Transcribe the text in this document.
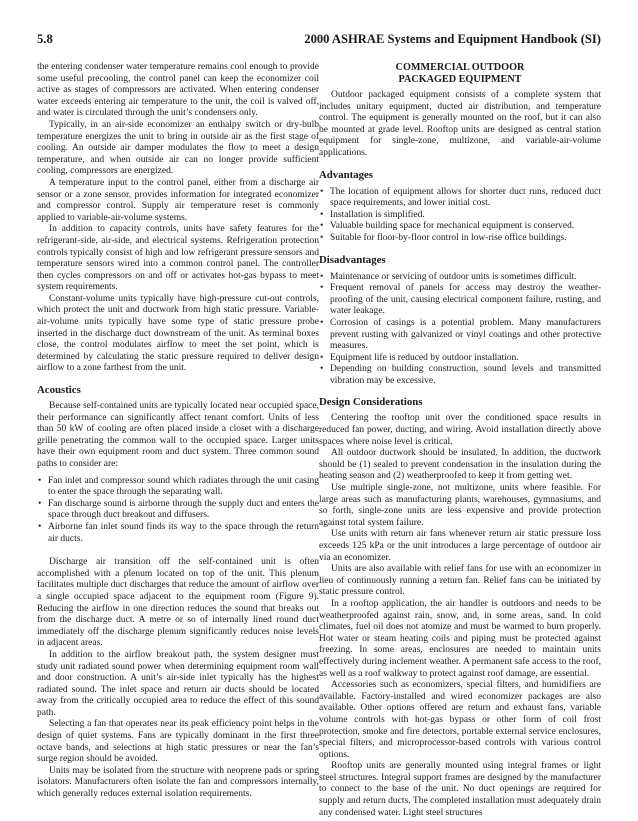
5.8	2000 ASHRAE Systems and Equipment Handbook (SI)

the entering condenser water temperature remains cool enough to provide some useful precooling, the control panel can keep the economizer coil active as stages of compressors are activated. When entering condenser water exceeds entering air temperature to the unit, the coil is valved off, and water is circulated through the unit’s condensers only.

Typically, in an air-side economizer an enthalpy switch or dry-bulb temperature energizes the unit to bring in outside air as the first stage of cooling. An outside air damper modulates the flow to meet a design temperature, and when outside air can no longer provide sufficient cooling, compressors are energized.

A temperature input to the control panel, either from a discharge air sensor or a zone sensor, provides information for integrated economizer and compressor control. Supply air temperature reset is commonly applied to variable-air-volume systems.

In addition to capacity controls, units have safety features for the refrigerant-side, air-side, and electrical systems. Refrigeration protection controls typically consist of high and low refrigerant pressure sensors and temperature sensors wired into a common control panel. The controller then cycles compressors on and off or activates hot-gas bypass to meet system requirements.

Constant-volume units typically have high-pressure cut-out controls, which protect the unit and ductwork from high static pressure. Variable-air-volume units typically have some type of static pressure probe inserted in the discharge duct downstream of the unit. As terminal boxes close, the control modulates airflow to meet the set point, which is determined by calculating the static pressure required to deliver design airflow to a zone farthest from the unit.

Acoustics

Because self-contained units are typically located near occupied space, their performance can significantly affect tenant comfort. Units of less than 50 kW of cooling are often placed inside a closet with a discharge grille penetrating the common wall to the occupied space. Larger units have their own equipment room and duct system. Three common sound paths to consider are:

• Fan inlet and compressor sound which radiates through the unit casing to enter the space through the separating wall.
• Fan discharge sound is airborne through the supply duct and enters the space through duct breakout and diffusers.
• Airborne fan inlet sound finds its way to the space through the return air ducts.

Discharge air transition off the self-contained unit is often accomplished with a plenum located on top of the unit. This plenum facilitates multiple duct discharges that reduce the amount of airflow over a single occupied space adjacent to the equipment room (Figure 9). Reducing the airflow in one direction reduces the sound that breaks out from the discharge duct. A metre or so of internally lined round duct immediately off the discharge plenum significantly reduces noise levels in adjacent areas.

In addition to the airflow breakout path, the system designer must study unit radiated sound power when determining equipment room wall and door construction. A unit’s air-side inlet typically has the highest radiated sound. The inlet space and return air ducts should be located away from the critically occupied area to reduce the effect of this sound path.

Selecting a fan that operates near its peak efficiency point helps in the design of quiet systems. Fans are typically dominant in the first three octave bands, and selections at high static pressures or near the fan’s surge region should be avoided.

Units may be isolated from the structure with neoprene pads or spring isolators. Manufacturers often isolate the fan and compressors internally, which generally reduces external isolation requirements.

COMMERCIAL OUTDOOR
PACKAGED EQUIPMENT

Outdoor packaged equipment consists of a complete system that includes unitary equipment, ducted air distribution, and temperature control. The equipment is generally mounted on the roof, but it can also be mounted at grade level. Rooftop units are designed as central station equipment for single-zone, multizone, and variable-air-volume applications.

Advantages
• The location of equipment allows for shorter duct runs, reduced duct space requirements, and lower initial cost.
• Installation is simplified.
• Valuable building space for mechanical equipment is conserved.
• Suitable for floor-by-floor control in low-rise office buildings.
Disadvantages
• Maintenance or servicing of outdoor units is sometimes difficult.
• Frequent removal of panels for access may destroy the weather-proofing of the unit, causing electrical component failure, rusting, and water leakage.
• Corrosion of casings is a potential problem. Many manufacturers prevent rusting with galvanized or vinyl coatings and other protective measures.
• Equipment life is reduced by outdoor installation.
• Depending on building construction, sound levels and transmitted vibration may be excessive.
Design Considerations

Centering the rooftop unit over the conditioned space results in reduced fan power, ducting, and wiring. Avoid installation directly above spaces where noise level is critical.

All outdoor ductwork should be insulated. In addition, the ductwork should be (1) sealed to prevent condensation in the insulation during the heating season and (2) weatherproofed to keep it from getting wet.

Use multiple single-zone, not multizone, units where feasible. For large areas such as manufacturing plants, warehouses, gymnasiums, and so forth, single-zone units are less expensive and provide protection against total system failure.

Use units with return air fans whenever return air static pressure loss exceeds 125 kPa or the unit introduces a large percentage of outdoor air via an economizer.

Units are also available with relief fans for use with an economizer in lieu of continuously running a return fan. Relief fans can be initiated by static pressure control.

In a rooftop application, the air handler is outdoors and needs to be weatherproofed against rain, snow, and, in some areas, sand. In cold climates, fuel oil does not atomize and must be warmed to burn properly. Hot water or steam heating coils and piping must be protected against freezing. In some areas, enclosures are needed to maintain units effectively during inclement weather. A permanent safe access to the roof, as well as a roof walkway to protect against roof damage, are essential.

Accessories such as economizers, special filters, and humidifiers are available. Factory-installed and wired economizer packages are also available. Other options offered are return and exhaust fans, variable volume controls with hot-gas bypass or other form of coil frost protection, smoke and fire detectors, portable external service enclosures, special filters, and microprocessor-based controls with various control options.

Rooftop units are generally mounted using integral frames or light steel structures. Integral support frames are designed by the manufacturer to connect to the base of the unit. No duct openings are required for supply and return ducts. The completed installation must adequately drain any condensed water. Light steel structures
